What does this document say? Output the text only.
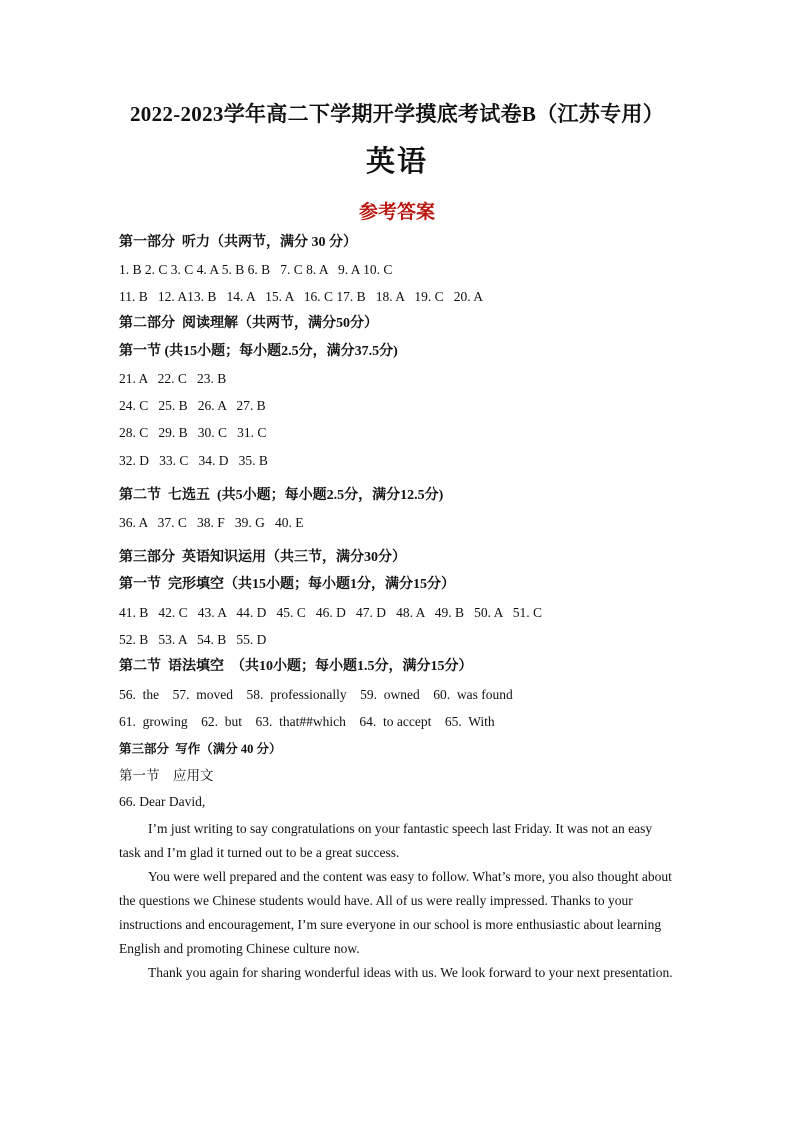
2022-2023学年高二下学期开学摸底考试卷B（江苏专用）
英语
参考答案
第一部分  听力（共两节，满分 30 分）
1. B 2. C 3. C 4. A 5. B 6. B   7. C 8. A   9. A 10. C
11. B   12. A13. B   14. A   15. A   16. C 17. B   18. A   19. C   20. A
第二部分  阅读理解（共两节，满分50分）
第一节 (共15小题；每小题2.5分，满分37.5分)
21. A   22. C   23. B
24. C   25. B   26. A   27. B
28. C   29. B   30. C   31. C
32. D   33. C   34. D   35. B
第二节  七选五  (共5小题；每小题2.5分，满分12.5分)
36. A   37. C   38. F   39. G   40. E
第三部分  英语知识运用（共三节，满分30分）
第一节  完形填空（共15小题；每小题1分，满分15分）
41. B   42. C   43. A   44. D   45. C   46. D   47. D   48. A   49. B   50. A   51. C
52. B   53. A   54. B   55. D
第二节  语法填空  （共10小题；每小题1.5分，满分15分）
56.  the    57.  moved    58.  professionally    59.  owned    60.  was found
61.  growing    62.  but    63.  that##which    64.  to accept    65.  With
第三部分  写作（满分 40 分）
第一节    应用文
66. Dear David,
I’m just writing to say congratulations on your fantastic speech last Friday. It was not an easy task and I’m glad it turned out to be a great success.
You were well prepared and the content was easy to follow. What’s more, you also thought about the questions we Chinese students would have. All of us were really impressed. Thanks to your instructions and encouragement, I’m sure everyone in our school is more enthusiastic about learning English and promoting Chinese culture now.
Thank you again for sharing wonderful ideas with us. We look forward to your next presentation.
